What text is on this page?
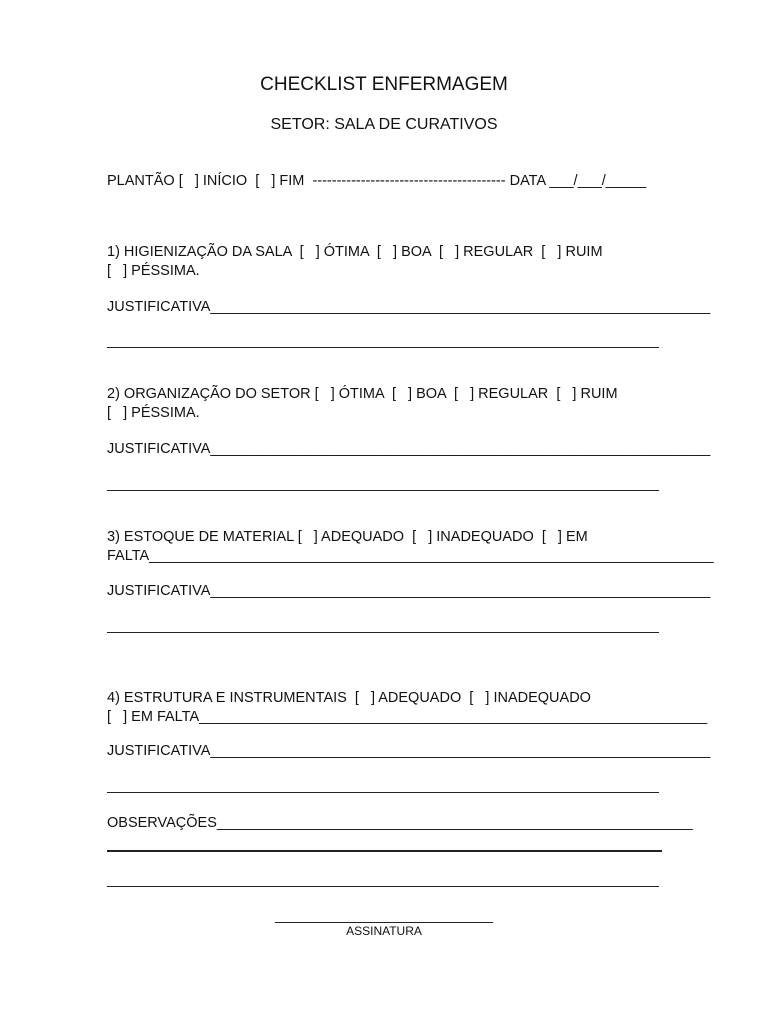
CHECKLIST ENFERMAGEM
SETOR: SALA DE CURATIVOS
PLANTÃO [   ] INÍCIO  [   ] FIM  ---------------------------------------- DATA ___/___/_____
1) HIGIENIZAÇÃO DA SALA  [   ] ÓTIMA  [   ] BOA  [   ] REGULAR  [   ] RUIM
[   ] PÉSSIMA.
JUSTIFICATIVA______________________________________________________________
2) ORGANIZAÇÃO DO SETOR [   ] ÓTIMA  [   ] BOA  [   ] REGULAR  [   ] RUIM
[   ] PÉSSIMA.
JUSTIFICATIVA______________________________________________________________
3) ESTOQUE DE MATERIAL [   ] ADEQUADO  [   ] INADEQUADO  [   ] EM
FALTA______________________________________________________________________
JUSTIFICATIVA______________________________________________________________
4) ESTRUTURA E INSTRUMENTAIS  [   ] ADEQUADO  [   ] INADEQUADO
[   ] EM FALTA_______________________________________________________________
JUSTIFICATIVA______________________________________________________________
OBSERVAÇÕES___________________________________________________________
ASSINATURA
